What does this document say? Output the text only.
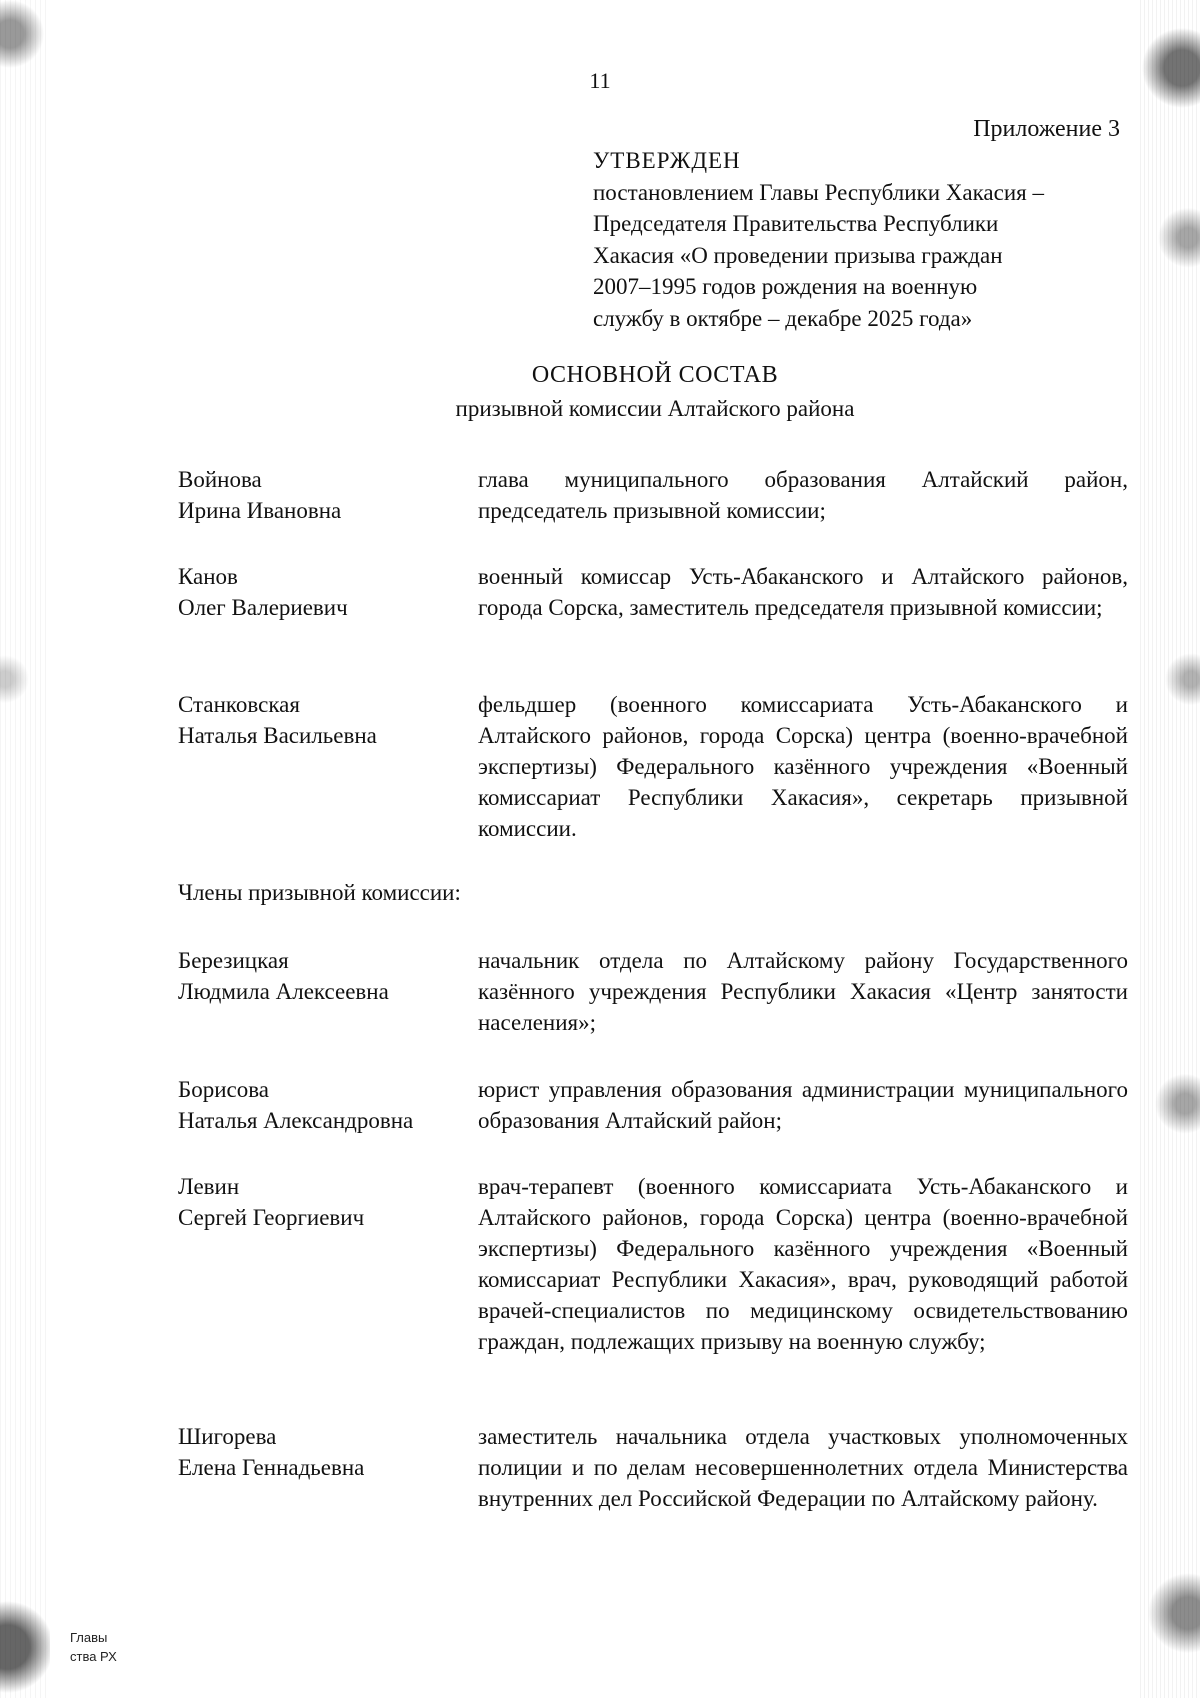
11
Приложение 3
УТВЕРЖДЕН
постановлением Главы Республики Хакасия –
Председателя Правительства Республики
Хакасия «О проведении призыва граждан
2007–1995 годов рождения на военную
службу в октябре – декабре 2025 года»
ОСНОВНОЙ СОСТАВ
призывной комиссии Алтайского района
Войнова
Ирина Ивановна
глава муниципального образования Алтайский район, председатель призывной комиссии;
Канов
Олег Валериевич
военный комиссар Усть-Абаканского и Алтайского районов, города Сорска, заместитель председателя призывной комиссии;
Станковская
Наталья Васильевна
фельдшер (военного комиссариата Усть-Абаканского и Алтайского районов, города Сорска) центра (военно-врачебной экспертизы) Федерального казённого учреждения «Военный комиссариат Республики Хакасия», секретарь призывной комиссии.
Члены призывной комиссии:
Березицкая
Людмила Алексеевна
начальник отдела по Алтайскому району Государственного казённого учреждения Республики Хакасия «Центр занятости населения»;
Борисова
Наталья Александровна
юрист управления образования администрации муниципального образования Алтайский район;
Левин
Сергей Георгиевич
врач-терапевт (военного комиссариата Усть-Абаканского и Алтайского районов, города Сорска) центра (военно-врачебной экспертизы) Федерального казённого учреждения «Военный комиссариат Республики Хакасия», врач, руководящий работой врачей-специалистов по медицинскому освидетельствованию граждан, подлежащих призыву на военную службу;
Шигорева
Елена Геннадьевна
заместитель начальника отдела участковых уполномоченных полиции и по делам несовершеннолетних отдела Министерства внутренних дел Российской Федерации по Алтайскому району.
Главы
ства РХ
